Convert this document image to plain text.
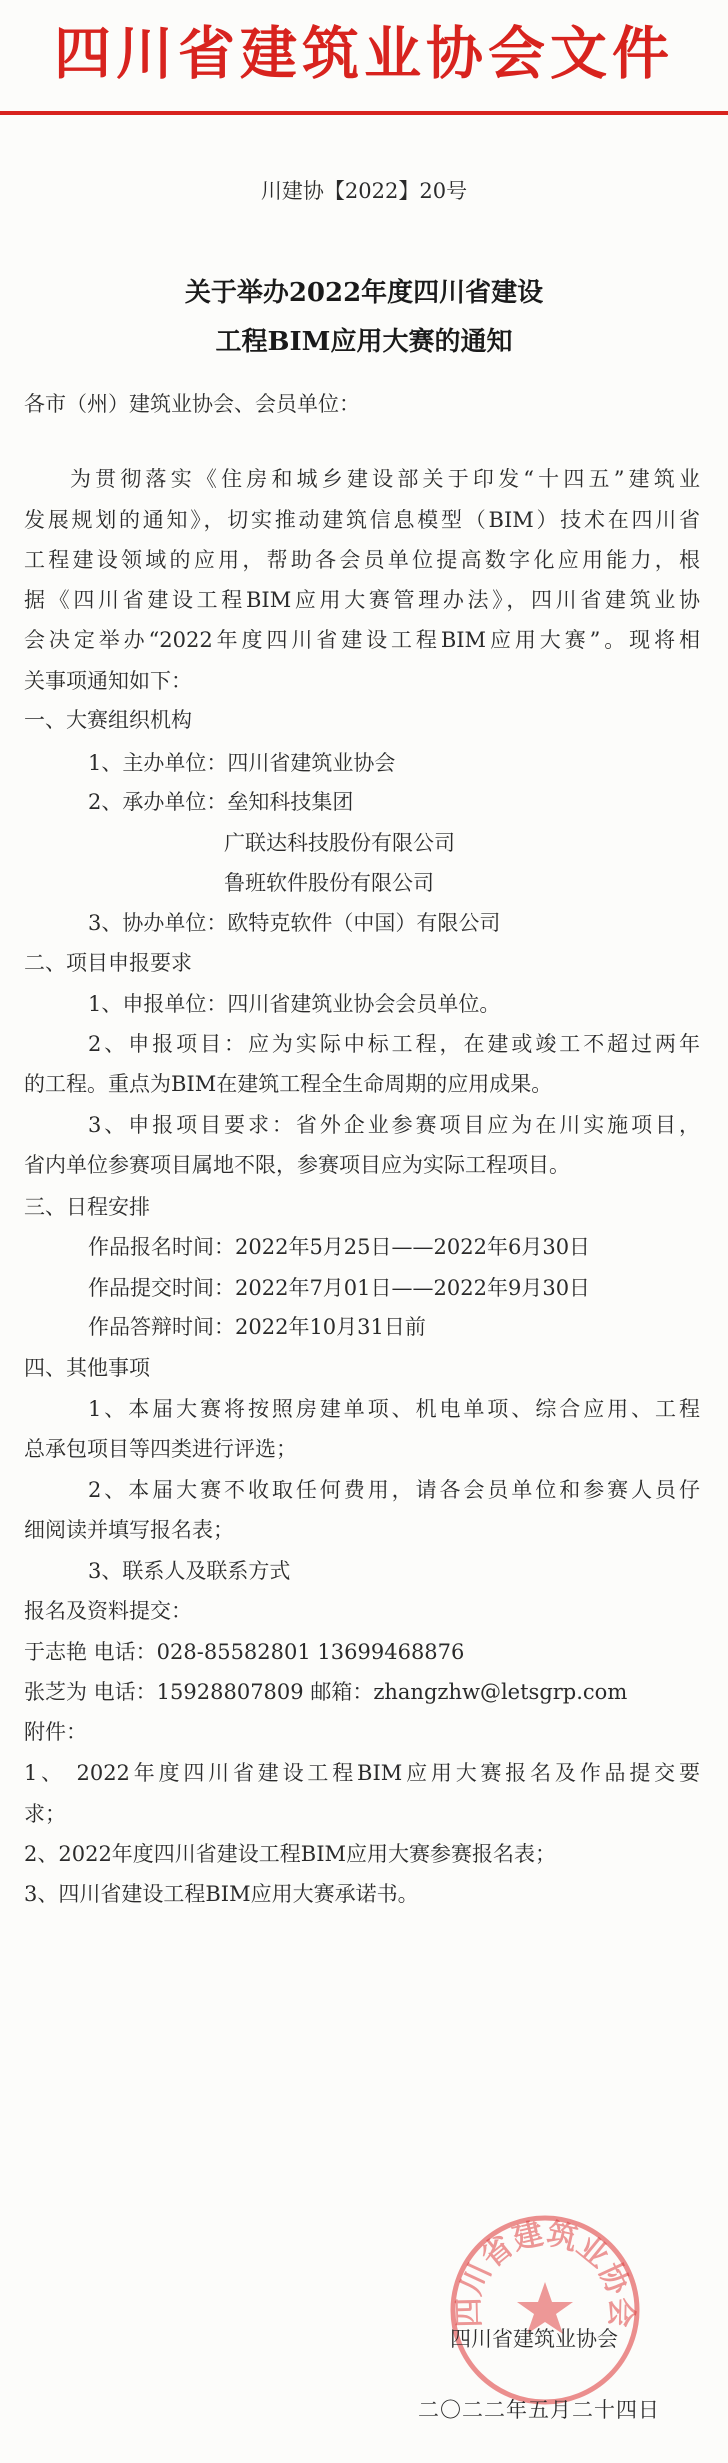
四川省建筑业协会文件
川建协【2022】20号
关于举办2022年度四川省建设
工程BIM应用大赛的通知
各市（州）建筑业协会、会员单位：
为贯彻落实《住房和城乡建设部关于印发“十四五”建筑业
发展规划的通知》，切实推动建筑信息模型（BIM）技术在四川省
工程建设领域的应用，帮助各会员单位提高数字化应用能力，根
据《四川省建设工程BIM应用大赛管理办法》，四川省建筑业协
会决定举办“2022年度四川省建设工程BIM应用大赛”。现将相
关事项通知如下：
一、大赛组织机构
1、主办单位：四川省建筑业协会
2、承办单位：垒知科技集团
广联达科技股份有限公司
鲁班软件股份有限公司
3、协办单位：欧特克软件（中国）有限公司
二、项目申报要求
1、申报单位：四川省建筑业协会会员单位。
2、申报项目：应为实际中标工程，在建或竣工不超过两年
的工程。重点为BIM在建筑工程全生命周期的应用成果。
3、申报项目要求：省外企业参赛项目应为在川实施项目，
省内单位参赛项目属地不限，参赛项目应为实际工程项目。
三、日程安排
作品报名时间：2022年5月25日——2022年6月30日
作品提交时间：2022年7月01日——2022年9月30日
作品答辩时间：2022年10月31日前
四、其他事项
1、本届大赛将按照房建单项、机电单项、综合应用、工程
总承包项目等四类进行评选；
2、本届大赛不收取任何费用，请各会员单位和参赛人员仔
细阅读并填写报名表；
3、联系人及联系方式
报名及资料提交：
于志艳 电话：028-85582801 13699468876
张芝为 电话：15928807809 邮箱：zhangzhw@letsgrp.com
附件：
1、 2022年度四川省建设工程BIM应用大赛报名及作品提交要
求；
2、2022年度四川省建设工程BIM应用大赛参赛报名表；
3、四川省建设工程BIM应用大赛承诺书。
四川省建筑业协会
四川省建筑业协会
二〇二二年五月二十四日
